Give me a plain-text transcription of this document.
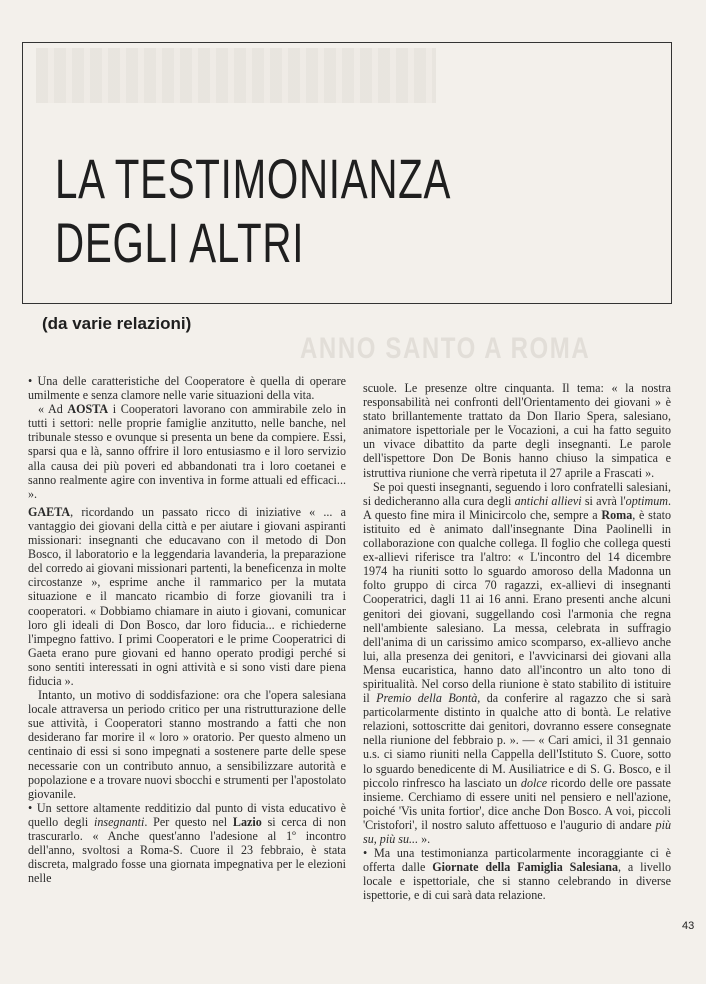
ANNO SANTO A ROMA
LA TESTIMONIANZA
DEGLI ALTRI
(da varie relazioni)

• Una delle caratteristiche del Cooperatore è quella di operare umilmente e senza clamore nelle varie situazioni della vita.

« Ad AOSTA i Cooperatori lavorano con ammirabile zelo in tutti i settori: nelle proprie famiglie anzitutto, nelle banche, nel tribunale stesso e ovunque si presenta un bene da compiere. Essi, sparsi qua e là, sanno offrire il loro entusiasmo e il loro servizio alla causa dei più poveri ed abbandonati tra i loro coetanei e sanno realmente agire con inventiva in forme attuali ed efficaci... ».

GAETA, ricordando un passato ricco di iniziative « ... a vantaggio dei giovani della città e per aiutare i giovani aspiranti missionari: insegnanti che educavano con il metodo di Don Bosco, il laboratorio e la leggendaria lavanderia, la preparazione del corredo ai giovani missionari partenti, la beneficenza in molte circostanze », esprime anche il rammarico per la mutata situazione e il mancato ricambio di forze giovanili tra i cooperatori. « Dobbiamo chiamare in aiuto i giovani, comunicar loro gli ideali di Don Bosco, dar loro fiducia... e richiederne l'impegno fattivo. I primi Cooperatori e le prime Cooperatrici di Gaeta erano pure giovani ed hanno operato prodigi perché si sono sentiti interessati in ogni attività e si sono visti dare piena fiducia ».

Intanto, un motivo di soddisfazione: ora che l'opera salesiana locale attraversa un periodo critico per una ristrutturazione delle sue attività, i Cooperatori stanno mostrando a fatti che non desiderano far morire il « loro » oratorio. Per questo almeno un centinaio di essi si sono impegnati a sostenere parte delle spese necessarie con un contributo annuo, a sensibilizzare autorità e popolazione e a trovare nuovi sbocchi e strumenti per l'apostolato giovanile.

• Un settore altamente redditizio dal punto di vista educativo è quello degli insegnanti. Per questo nel Lazio si cerca di non trascurarlo. « Anche quest'anno l'adesione al 1º incontro dell'anno, svoltosi a Roma-S. Cuore il 23 febbraio, è stata discreta, malgrado fosse una giornata impegnativa per le elezioni nelle

scuole. Le presenze oltre cinquanta. Il tema: « la nostra responsabilità nei confronti dell'Orientamento dei giovani » è stato brillantemente trattato da Don Ilario Spera, salesiano, animatore ispettoriale per le Vocazioni, a cui ha fatto seguito un vivace dibattito da parte degli insegnanti. Le parole dell'ispettore Don De Bonis hanno chiuso la simpatica e istruttiva riunione che verrà ripetuta il 27 aprile a Frascati ».

Se poi questi insegnanti, seguendo i loro confratelli salesiani, si dedicheranno alla cura degli antichi allievi si avrà l'optimum. A questo fine mira il Minicircolo che, sempre a Roma, è stato istituito ed è animato dall'insegnante Dina Paolinelli in collaborazione con qualche collega. Il foglio che collega questi ex-allievi riferisce tra l'altro: « L'incontro del 14 dicembre 1974 ha riuniti sotto lo sguardo amoroso della Madonna un folto gruppo di circa 70 ragazzi, ex-allievi di insegnanti Cooperatrici, dagli 11 ai 16 anni. Erano presenti anche alcuni genitori dei giovani, suggellando così l'armonia che regna nell'ambiente salesiano. La messa, celebrata in suffragio dell'anima di un carissimo amico scomparso, ex-allievo anche lui, alla presenza dei genitori, e l'avvicinarsi dei giovani alla Mensa eucaristica, hanno dato all'incontro un alto tono di spiritualità. Nel corso della riunione è stato stabilito di istituire il Premio della Bontà, da conferire al ragazzo che si sarà particolarmente distinto in qualche atto di bontà. Le relative relazioni, sottoscritte dai genitori, dovranno essere consegnate nella riunione del febbraio p. ». — « Cari amici, il 31 gennaio u.s. ci siamo riuniti nella Cappella dell'Istituto S. Cuore, sotto lo sguardo benedicente di M. Ausiliatrice e di S. G. Bosco, e il piccolo rinfresco ha lasciato un dolce ricordo delle ore passate insieme. Cerchiamo di essere uniti nel pensiero e nell'azione, poiché 'Vis unita fortior', dice anche Don Bosco. A voi, piccoli 'Cristofori', il nostro saluto affettuoso e l'augurio di andare più su, più su... ».

• Ma una testimonianza particolarmente incoraggiante ci è offerta dalle Giornate della Famiglia Salesiana, a livello locale e ispettoriale, che si stanno celebrando in diverse ispettorie, e di cui sarà data relazione.

43
